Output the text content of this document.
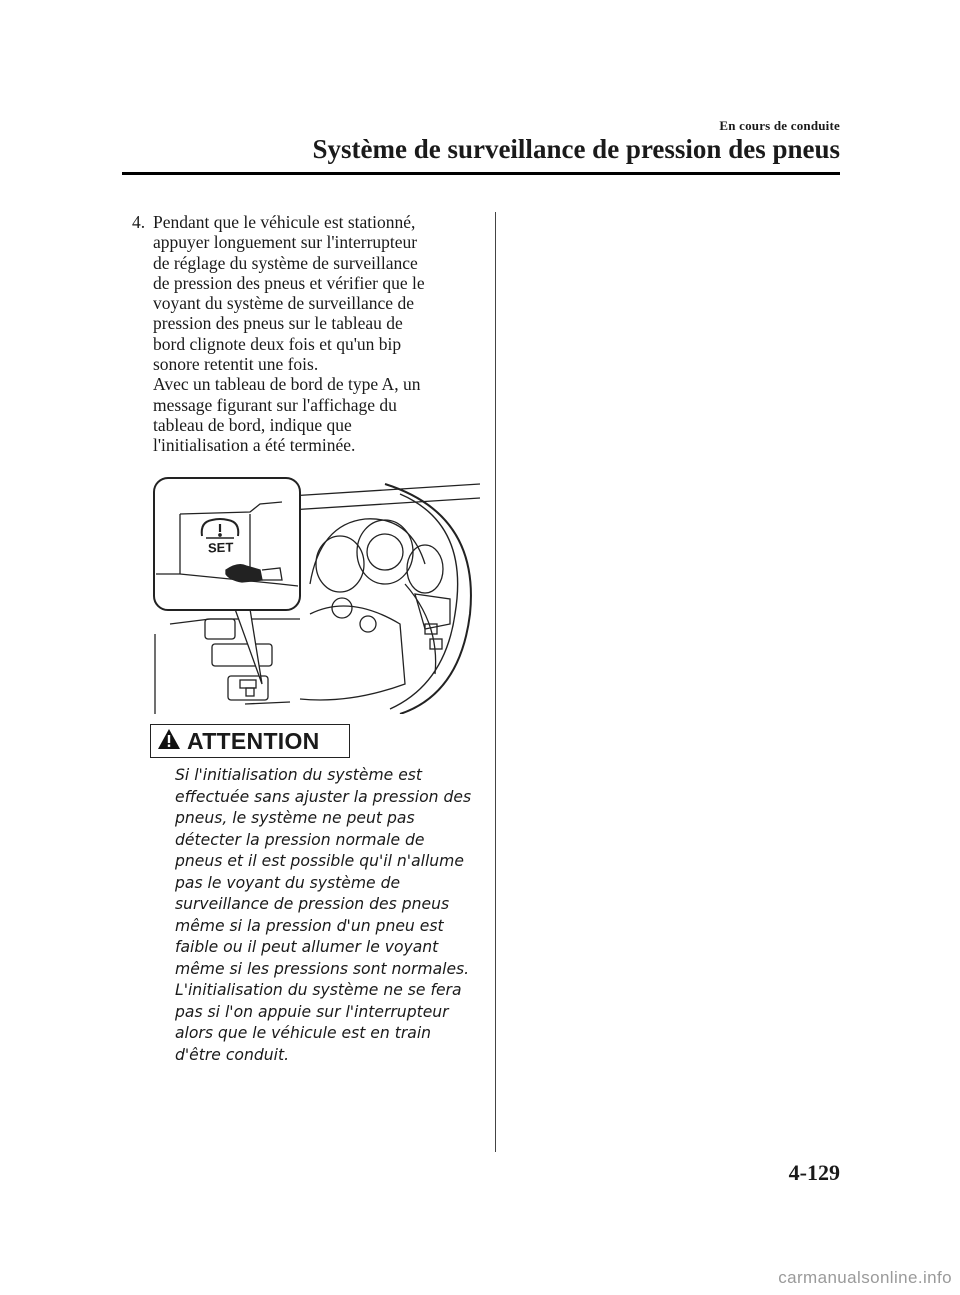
En cours de conduite
Système de surveillance de pression des pneus
4. Pendant que le véhicule est stationné,
appuyer longuement sur l'interrupteur
de réglage du système de surveillance
de pression des pneus et vérifier que le
voyant du système de surveillance de
pression des pneus sur le tableau de
bord clignote deux fois et qu'un bip
sonore retentit une fois.
Avec un tableau de bord de type A, un
message figurant sur l'affichage du
tableau de bord, indique que
l'initialisation a été terminée.
SET
ATTENTION
Si l'initialisation du système est
effectuée sans ajuster la pression des
pneus, le système ne peut pas
détecter la pression normale de
pneus et il est possible qu'il n'allume
pas le voyant du système de
surveillance de pression des pneus
même si la pression d'un pneu est
faible ou il peut allumer le voyant
même si les pressions sont normales.
L'initialisation du système ne se fera
pas si l'on appuie sur l'interrupteur
alors que le véhicule est en train
d'être conduit.
4-129
carmanualsonline.info
